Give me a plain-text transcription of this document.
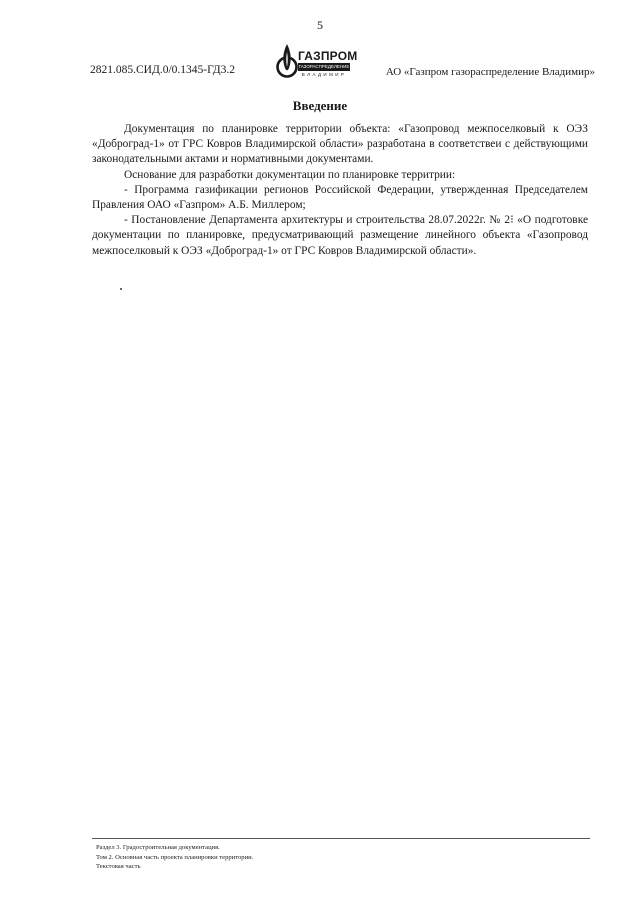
5
2821.085.СИД.0/0.1345-ГД3.2
ГАЗПРОМ
ГАЗОРАСПРЕДЕЛЕНИЕ
ВЛАДИМИР	АО «Газпром газораспределение Владимир»
Введение

Документация по планировке территории объекта: «Газопровод межпоселковый к ОЭЗ «Доброград-1» от ГРС Ковров Владимирской области» разработана в соответствеи с действующими законодательными актами и нормативными документами.

Основание для разработки документации по планировке территрии:

- Программа газификации регионов Российской Федерации, утвержденная Председателем Правления ОАО «Газпром» А.Б. Миллером;

- Постановление Департамента архитектуры и строительства 28.07.2022г. № 2⁝ «О подготовке документации по планировке, предусматривающий размещение линейного объекта «Газопровод межпоселковый к ОЭЗ «Доброград-1» от ГРС Ковров Владимирской области».

Раздел 3. Градостроительная документация.
Том 2. Основная часть проекта планировки территории.
Текстовая часть
